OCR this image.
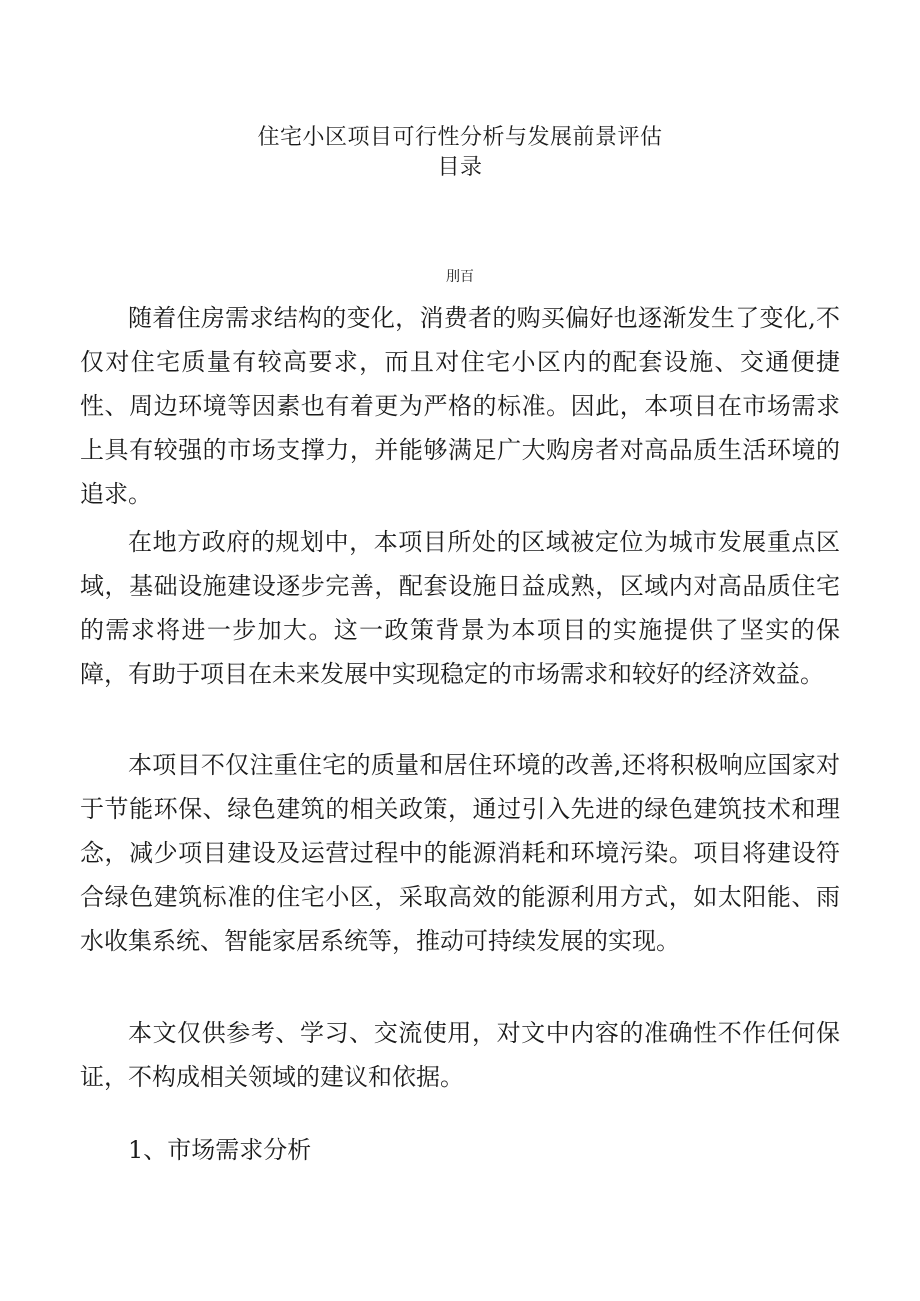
住宅小区项目可行性分析与发展前景评估
目录
刖百

随着住房需求结构的变化，消费者的购买偏好也逐渐发生了变化,不仅对住宅质量有较高要求，而且对住宅小区内的配套设施、交通便捷性、周边环境等因素也有着更为严格的标准。因此，本项目在市场需求上具有较强的市场支撑力，并能够满足广大购房者对高品质生活环境的追求。

在地方政府的规划中，本项目所处的区域被定位为城市发展重点区域，基础设施建设逐步完善，配套设施日益成熟，区域内对高品质住宅的需求将进一步加大。这一政策背景为本项目的实施提供了坚实的保障，有助于项目在未来发展中实现稳定的市场需求和较好的经济效益。

本项目不仅注重住宅的质量和居住环境的改善,还将积极响应国家对于节能环保、绿色建筑的相关政策，通过引入先进的绿色建筑技术和理念，减少项目建设及运营过程中的能源消耗和环境污染。项目将建设符合绿色建筑标准的住宅小区，采取高效的能源利用方式，如太阳能、雨水收集系统、智能家居系统等，推动可持续发展的实现。

本文仅供参考、学习、交流使用，对文中内容的准确性不作任何保证，不构成相关领域的建议和依据。

1、市场需求分析
